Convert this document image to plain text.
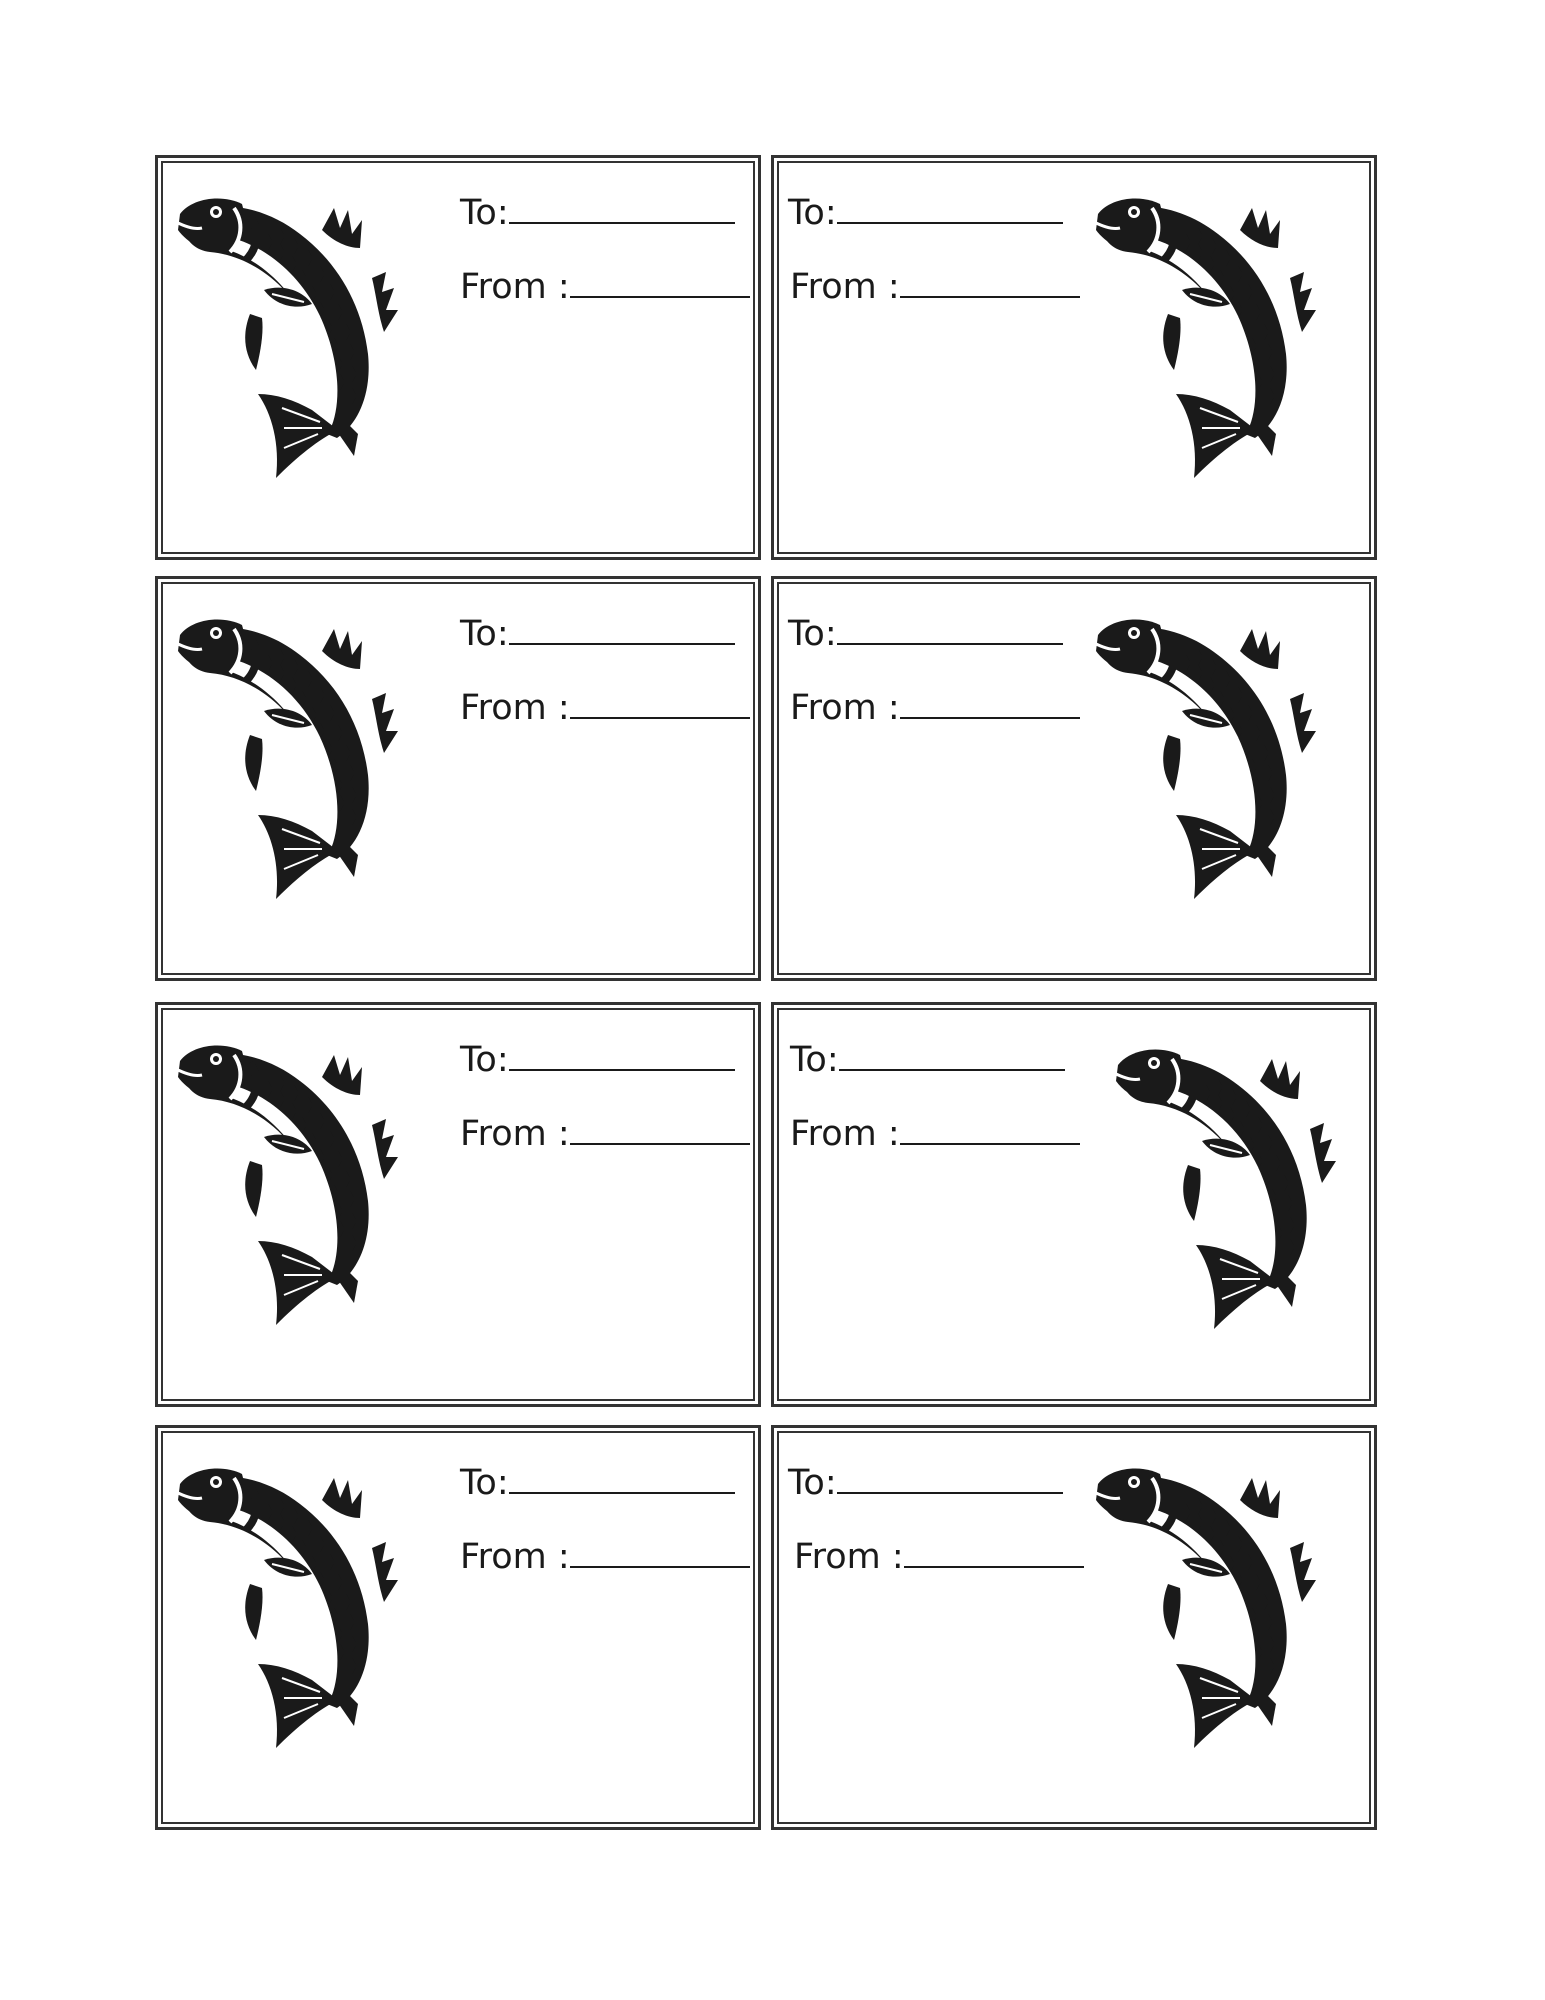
To:
From :
To:
From :
To:
From :
To:
From :
To:
From :
To:
From :
To:
From :
To:
From :
